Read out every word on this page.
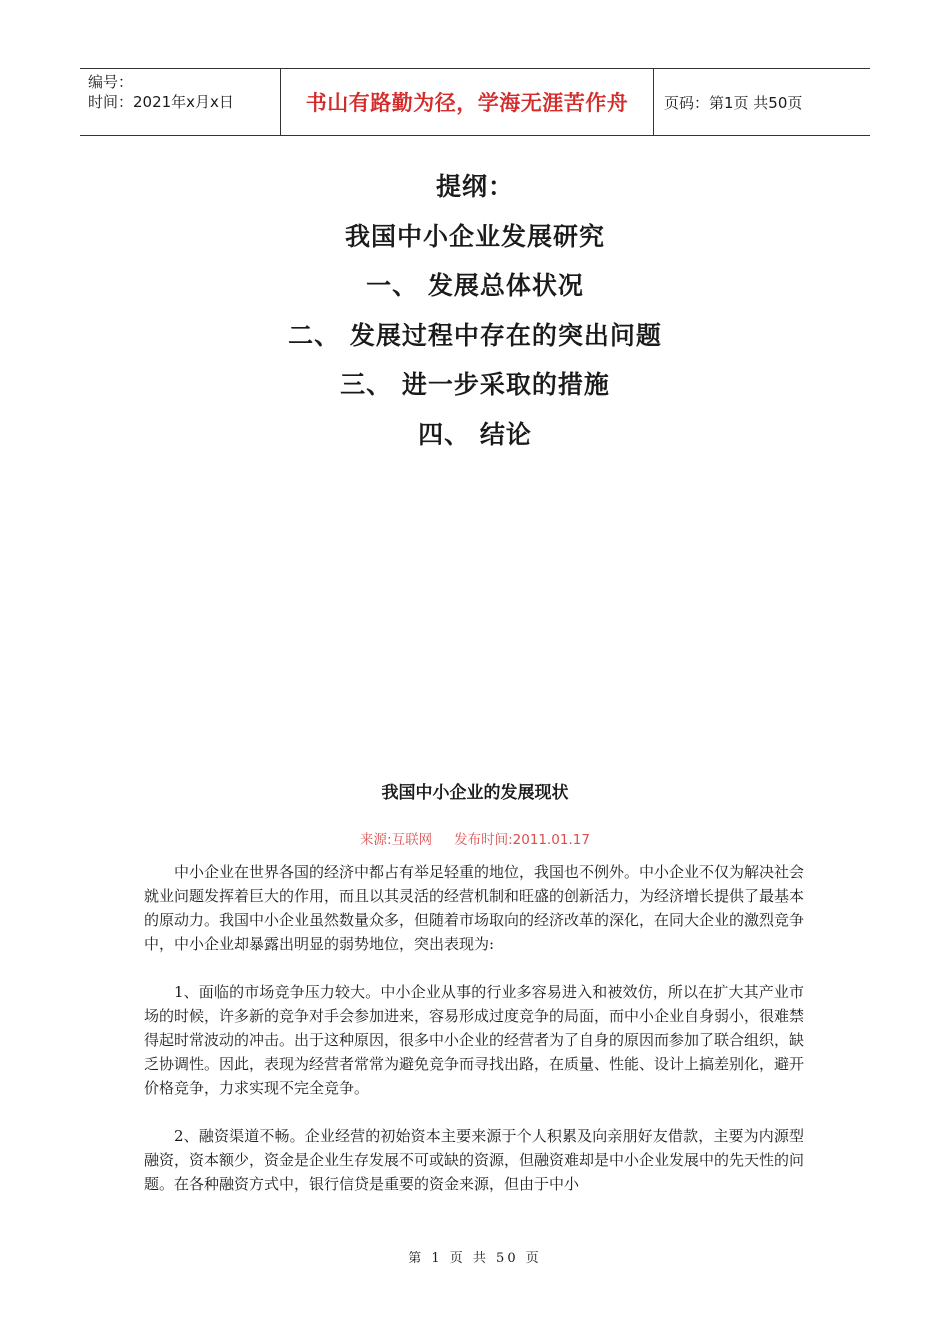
编号：
时间：2021年x月x日	书山有路勤为径，学海无涯苦作舟	页码：第1页 共50页
提纲：
我国中小企业发展研究
一、 发展总体状况
二、 发展过程中存在的突出问题
三、 进一步采取的措施
四、 结论
我国中小企业的发展现状
来源:互联网 发布时间:2011.01.17

中小企业在世界各国的经济中都占有举足轻重的地位，我国也不例外。中小企业不仅为解决社会就业问题发挥着巨大的作用，而且以其灵活的经营机制和旺盛的创新活力，为经济增长提供了最基本的原动力。我国中小企业虽然数量众多，但随着市场取向的经济改革的深化，在同大企业的激烈竞争中，中小企业却暴露出明显的弱势地位，突出表现为:

1、面临的市场竞争压力较大。中小企业从事的行业多容易进入和被效仿，所以在扩大其产业市场的时候，许多新的竞争对手会参加进来，容易形成过度竞争的局面，而中小企业自身弱小，很难禁得起时常波动的冲击。出于这种原因，很多中小企业的经营者为了自身的原因而参加了联合组织，缺乏协调性。因此，表现为经营者常常为避免竞争而寻找出路，在质量、性能、设计上搞差别化，避开价格竞争，力求实现不完全竞争。

2、融资渠道不畅。企业经营的初始资本主要来源于个人积累及向亲朋好友借款，主要为内源型融资，资本额少，资金是企业生存发展不可或缺的资源，但融资难却是中小企业发展中的先天性的问题。在各种融资方式中，银行信贷是重要的资金来源，但由于中小

第 1 页 共 50 页
